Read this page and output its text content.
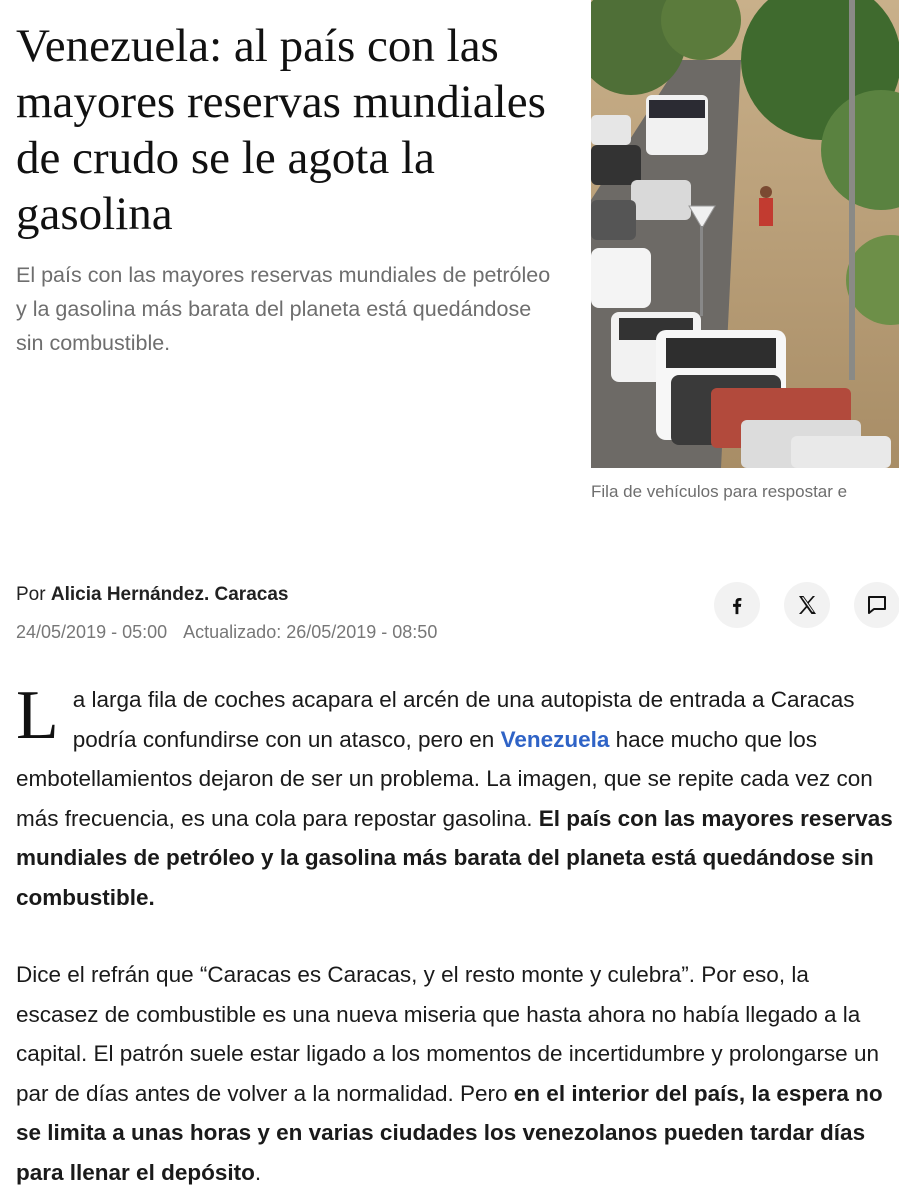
Venezuela: al país con las mayores reservas mundiales de crudo se le agota la gasolina

El país con las mayores reservas mundiales de petróleo y la gasolina más barata del planeta está quedándose sin combustible.

Fila de vehículos para respostar e
Por Alicia Hernández. Caracas
24/05/2019 - 05:00 Actualizado: 26/05/2019 - 08:50

La larga fila de coches acapara el arcén de una autopista de entrada a Caracas podría confundirse con un atasco, pero en Venezuela hace mucho que los embotellamientos dejaron de ser un problema. La imagen, que se repite cada vez con más frecuencia, es una cola para repostar gasolina. El país con las mayores reservas mundiales de petróleo y la gasolina más barata del planeta está quedándose sin combustible.

Dice el refrán que “Caracas es Caracas, y el resto monte y culebra”. Por eso, la escasez de combustible es una nueva miseria que hasta ahora no había llegado a la capital. El patrón suele estar ligado a los momentos de incertidumbre y prolongarse un par de días antes de volver a la normalidad. Pero en el interior del país, la espera no se limita a unas horas y en varias ciudades los venezolanos pueden tardar días para llenar el depósito.
